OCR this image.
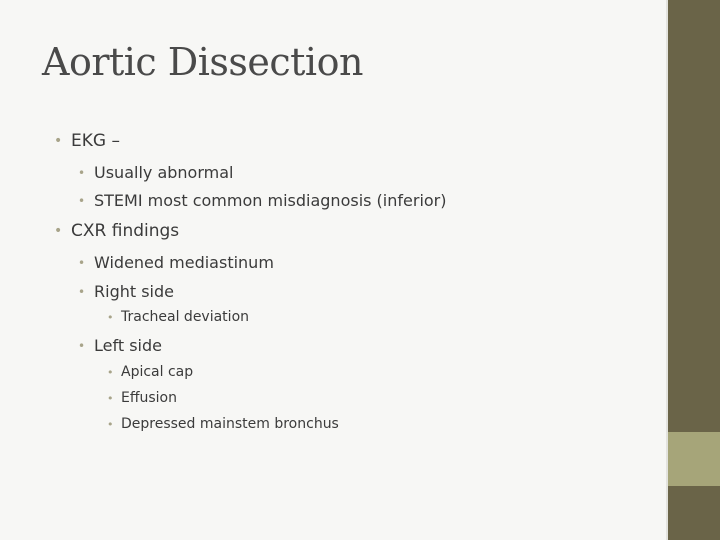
Aortic Dissection
• EKG –
• Usually abnormal
• STEMI most common misdiagnosis (inferior)
• CXR findings
• Widened mediastinum
• Right side
• Tracheal deviation
• Left side
• Apical cap
• Effusion
• Depressed mainstem bronchus
